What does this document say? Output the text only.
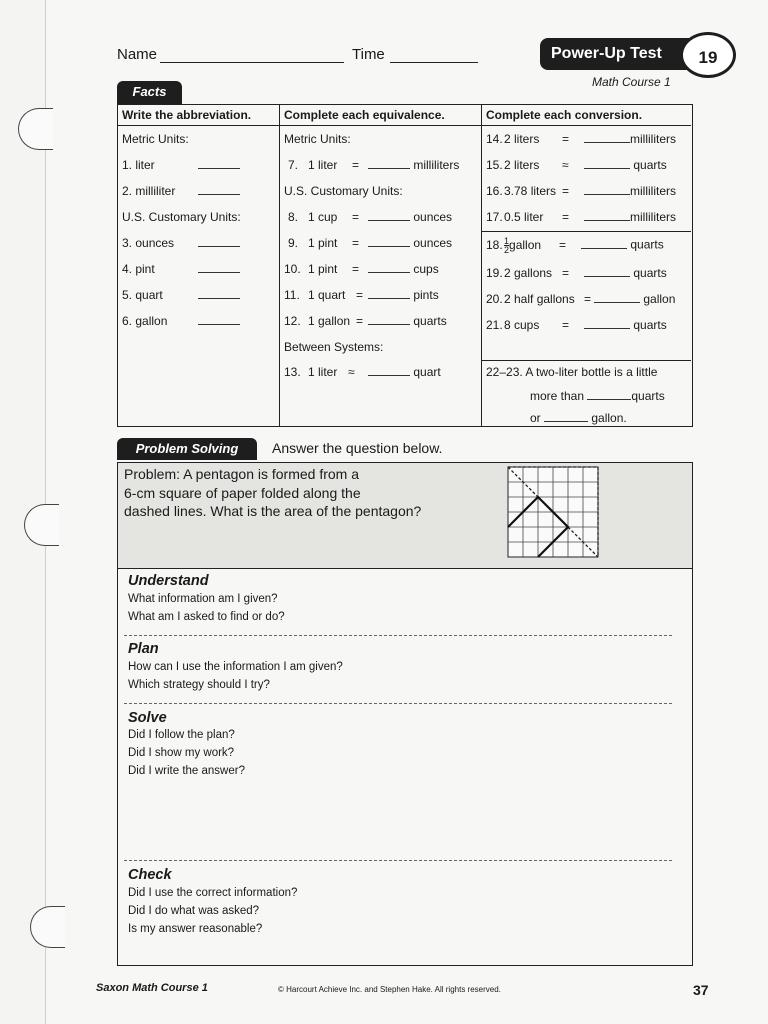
Name	Time	Power-Up Test	19
Math Course 1
Facts
Write the abbreviation.
Metric Units:
1. liter
2. milliliter
U.S. Customary Units:
3. ounces
4. pint
5. quart
6. gallon
Complete each equivalence.
Metric Units:
7. 1 liter =	milliliters
U.S. Customary Units:
8. 1 cup =	ounces
9. 1 pint =	ounces
10. 1 pint =	cups
11. 1 quart =	pints
12. 1 gallon =	quarts
Between Systems:
13. 1 liter ≈	quart
Complete each conversion.
14.2 liters =	milliliters
15.2 liters ≈	quarts
16.3.78 liters =	milliliters
17.0.5 liter =	milliliters
18. $\frac{1}{2}$ gallon =	quarts
19.2 gallons =	quarts
20.2 half gallons =	gallon
21.8 cups =	quarts
22–23. A two-liter bottle is a little
more than	quarts
or	gallon.
Problem Solving	Answer the question below.
Problem: A pentagon is formed from a
6-cm square of paper folded along the
dashed lines. What is the area of the pentagon?
Understand
What information am I given?
What am I asked to find or do?
Plan
How can I use the information I am given?
Which strategy should I try?
Solve
Did I follow the plan?
Did I show my work?
Did I write the answer?
Check
Did I use the correct information?
Did I do what was asked?
Is my answer reasonable?
Saxon Math Course 1	© Harcourt Achieve Inc. and Stephen Hake. All rights reserved.	37
